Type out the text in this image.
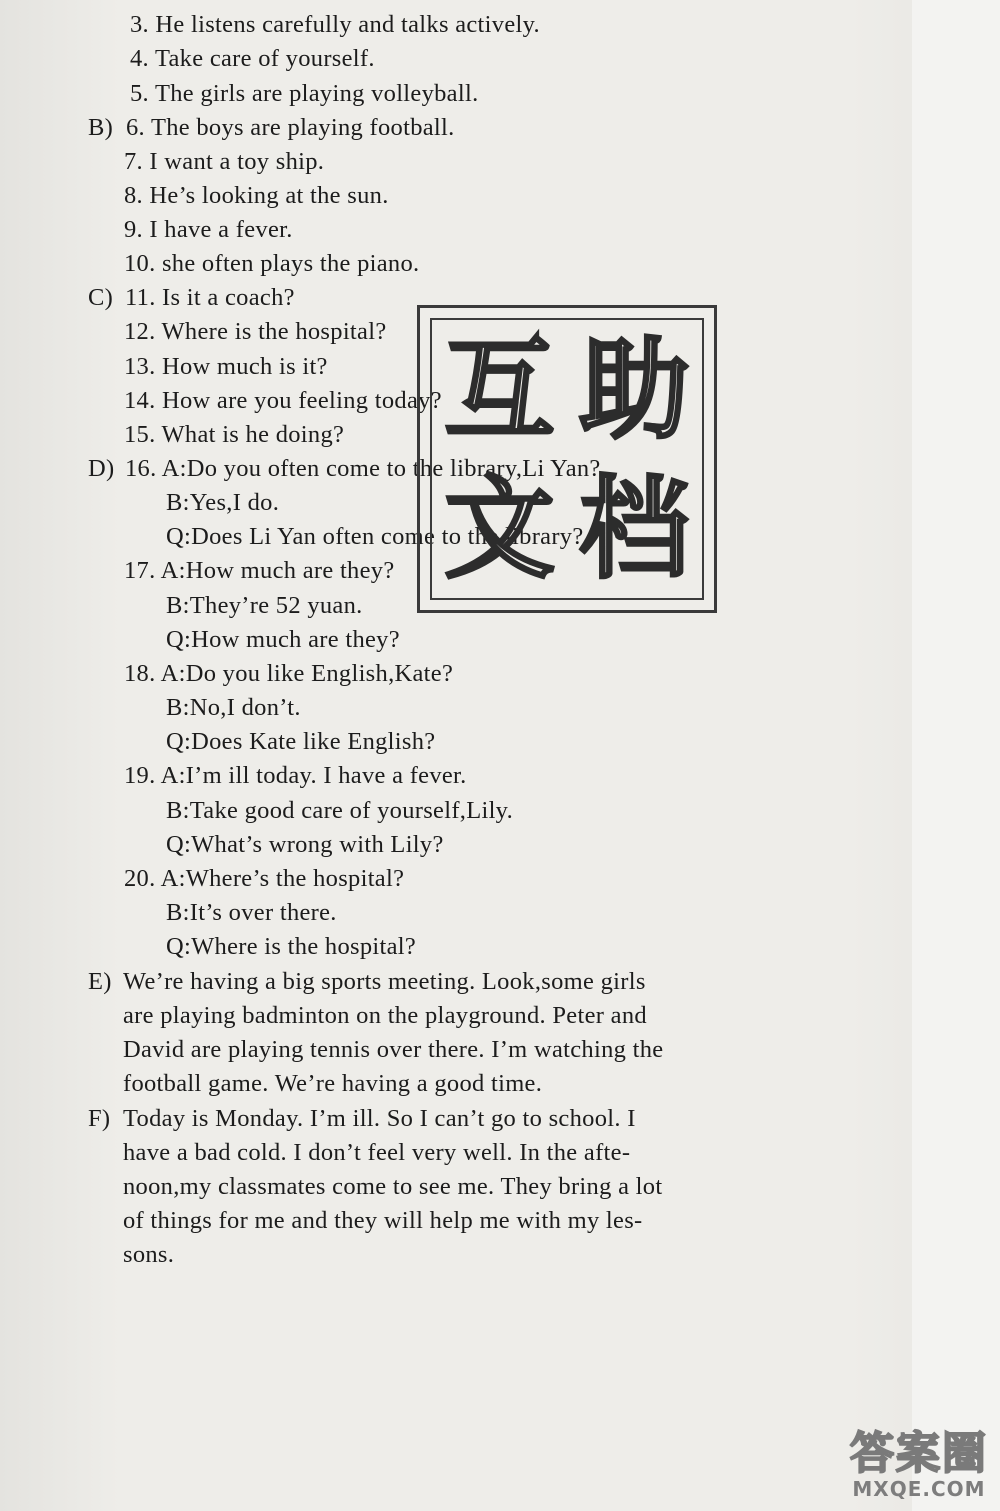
3. He listens carefully and talks actively.
4. Take care of yourself.
5. The girls are playing volleyball.
B) 6. The boys are playing football.
7. I want a toy ship.
8. He’s looking at the sun.
9. I have a fever.
10. she often plays the piano.
C) 11. Is it a coach?
12. Where is the hospital?
13. How much is it?
14. How are you feeling today?
15. What is he doing?
D) 16. A:Do you often come to the library,Li Yan?
B:Yes,I do.
Q:Does Li Yan often come to the library?
17. A:How much are they?
B:They’re 52 yuan.
Q:How much are they?
18. A:Do you like English,Kate?
B:No,I don’t.
Q:Does Kate like English?
19. A:I’m ill today. I have a fever.
B:Take good care of yourself,Lily.
Q:What’s wrong with Lily?
20. A:Where’s the hospital?
B:It’s over there.
Q:Where is the hospital?
E) We’re having a big sports meeting. Look,some girls
are playing badminton on the playground. Peter and
David are playing tennis over there. I’m watching the
football game. We’re having a good time.
F) Today is Monday. I’m ill. So I can’t go to school. I
have a bad cold. I don’t feel very well. In the afte-
noon,my classmates come to see me. They bring a lot
of things for me and they will help me with my les-
sons.
互 助
文 档
答案圈
MXQE.COM
